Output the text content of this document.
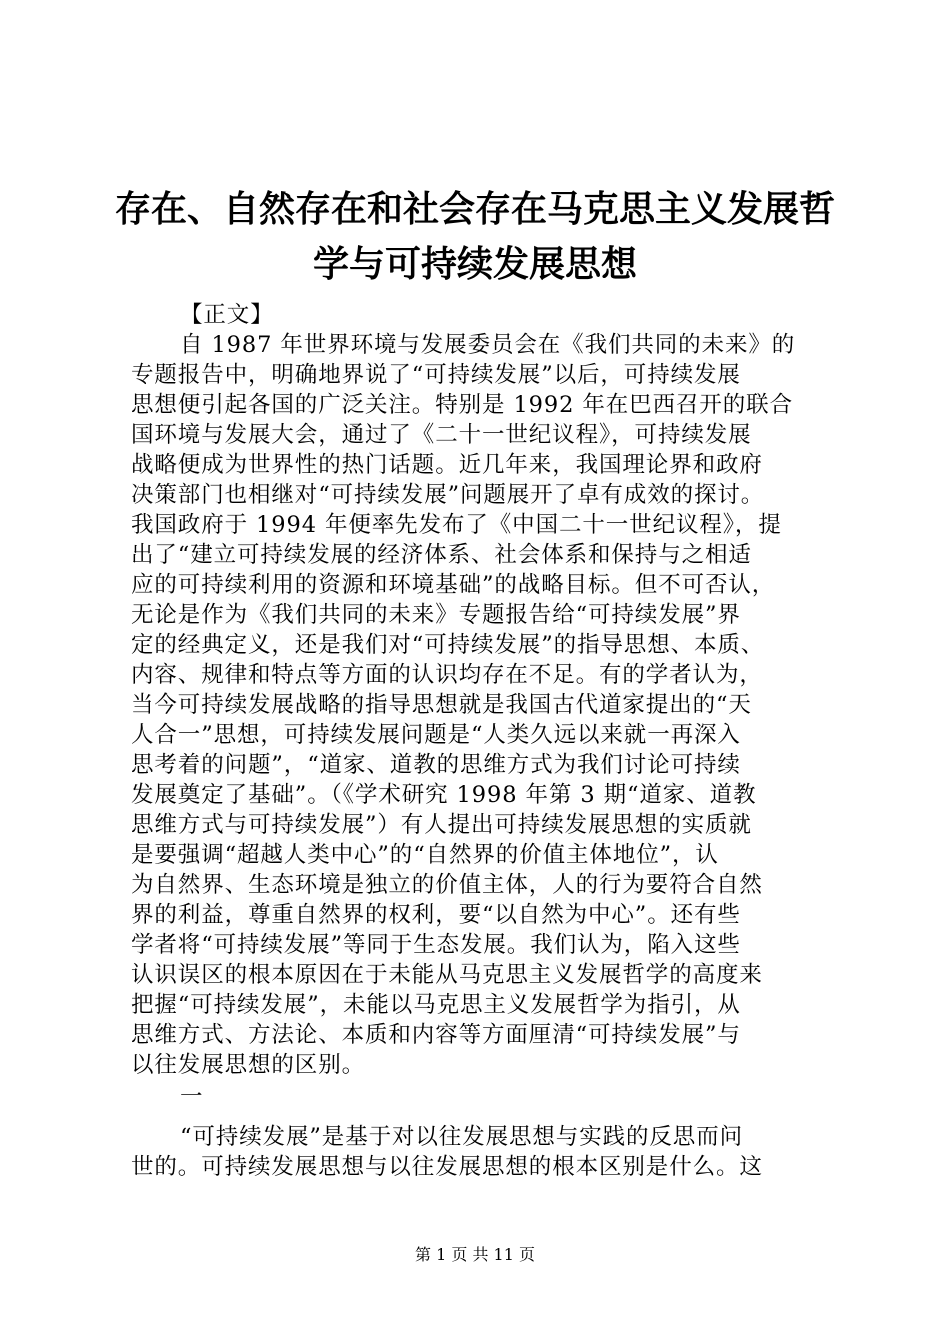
存在、自然存在和社会存在马克思主义发展哲
学与可持续发展思想
【正文】
自 1987 年世界环境与发展委员会在《我们共同的未来》的
专题报告中，明确地界说了“可持续发展”以后，可持续发展
思想便引起各国的广泛关注。特别是 1992 年在巴西召开的联合
国环境与发展大会，通过了《二十一世纪议程》，可持续发展
战略便成为世界性的热门话题。近几年来，我国理论界和政府
决策部门也相继对“可持续发展”问题展开了卓有成效的探讨。
我国政府于 1994 年便率先发布了《中国二十一世纪议程》，提
出了“建立可持续发展的经济体系、社会体系和保持与之相适
应的可持续利用的资源和环境基础”的战略目标。但不可否认，
无论是作为《我们共同的未来》专题报告给“可持续发展”界
定的经典定义，还是我们对“可持续发展”的指导思想、本质、
内容、规律和特点等方面的认识均存在不足。有的学者认为，
当今可持续发展战略的指导思想就是我国古代道家提出的“天
人合一”思想，可持续发展问题是“人类久远以来就一再深入
思考着的问题”，“道家、道教的思维方式为我们讨论可持续
发展奠定了基础”。（《学术研究 1998 年第 3 期“道家、道教
思维方式与可持续发展”）有人提出可持续发展思想的实质就
是要强调“超越人类中心”的“自然界的价值主体地位”，认
为自然界、生态环境是独立的价值主体，人的行为要符合自然
界的利益，尊重自然界的权利，要“以自然为中心”。还有些
学者将“可持续发展”等同于生态发展。我们认为，陷入这些
认识误区的根本原因在于未能从马克思主义发展哲学的高度来
把握“可持续发展”，未能以马克思主义发展哲学为指引，从
思维方式、方法论、本质和内容等方面厘清“可持续发展”与
以往发展思想的区别。
一
“可持续发展”是基于对以往发展思想与实践的反思而问
世的。可持续发展思想与以往发展思想的根本区别是什么。这
第 1 页 共 11 页
